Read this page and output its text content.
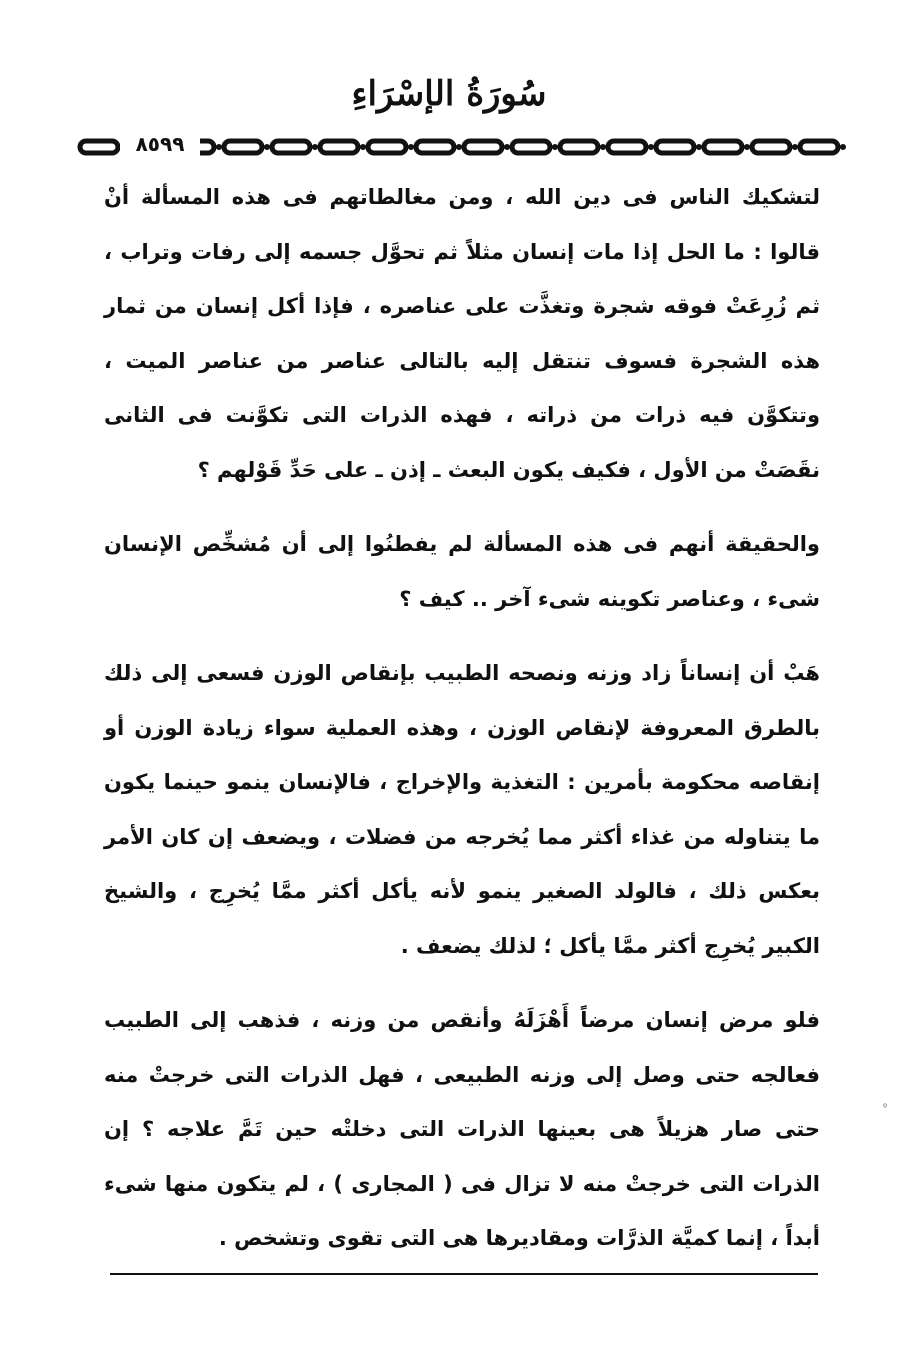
سُورَةُ الإسْرَاءِ
٨٥٩٩

لتشكيك الناس فى دين الله ، ومن مغالطاتهم فى هذه المسألة أنْ قالوا : ما الحل إذا مات إنسان مثلاً ثم تحوَّل جسمه إلى رفات وتراب ، ثم زُرِعَتْ فوقه شجرة وتغذَّت على عناصره ، فإذا أكل إنسان من ثمار هذه الشجرة فسوف تنتقل إليه بالتالى عناصر من عناصر الميت ، وتتكوَّن فيه ذرات من ذراته ، فهذه الذرات التى تكوَّنت فى الثانى نقَصَتْ من الأول ، فكيف يكون البعث ـ إذن ـ على حَدِّ قَوْلهم ؟

والحقيقة أنهم فى هذه المسألة لم يفطنُوا إلى أن مُشخِّص الإنسان شىء ، وعناصر تكوينه شىء آخر .. كيف ؟

هَبْ أن إنساناً زاد وزنه ونصحه الطبيب بإنقاص الوزن فسعى إلى ذلك بالطرق المعروفة لإنقاص الوزن ، وهذه العملية سواء زيادة الوزن أو إنقاصه محكومة بأمرين : التغذية والإخراج ، فالإنسان ينمو حينما يكون ما يتناوله من غذاء أكثر مما يُخرجه من فضلات ، ويضعف إن كان الأمر بعكس ذلك ، فالولد الصغير ينمو لأنه يأكل أكثر ممَّا يُخرِج ، والشيخ الكبير يُخرِج أكثر ممَّا يأكل ؛ لذلك يضعف .

فلو مرض إنسان مرضاً أَهْزَلَهُ وأنقص من وزنه ، فذهب إلى الطبيب فعالجه حتى وصل إلى وزنه الطبيعى ، فهل الذرات التى خرجتْ منه حتى صار هزيلاً هى بعينها الذرات التى دخلتْه حين تَمَّ علاجه ؟ إن الذرات التى خرجتْ منه لا تزال فى ( المجارى ) ، لم يتكون منها شىء أبداً ، إنما كميَّة الذرَّات ومقاديرها هى التى تقوى وتشخص .

⁰
